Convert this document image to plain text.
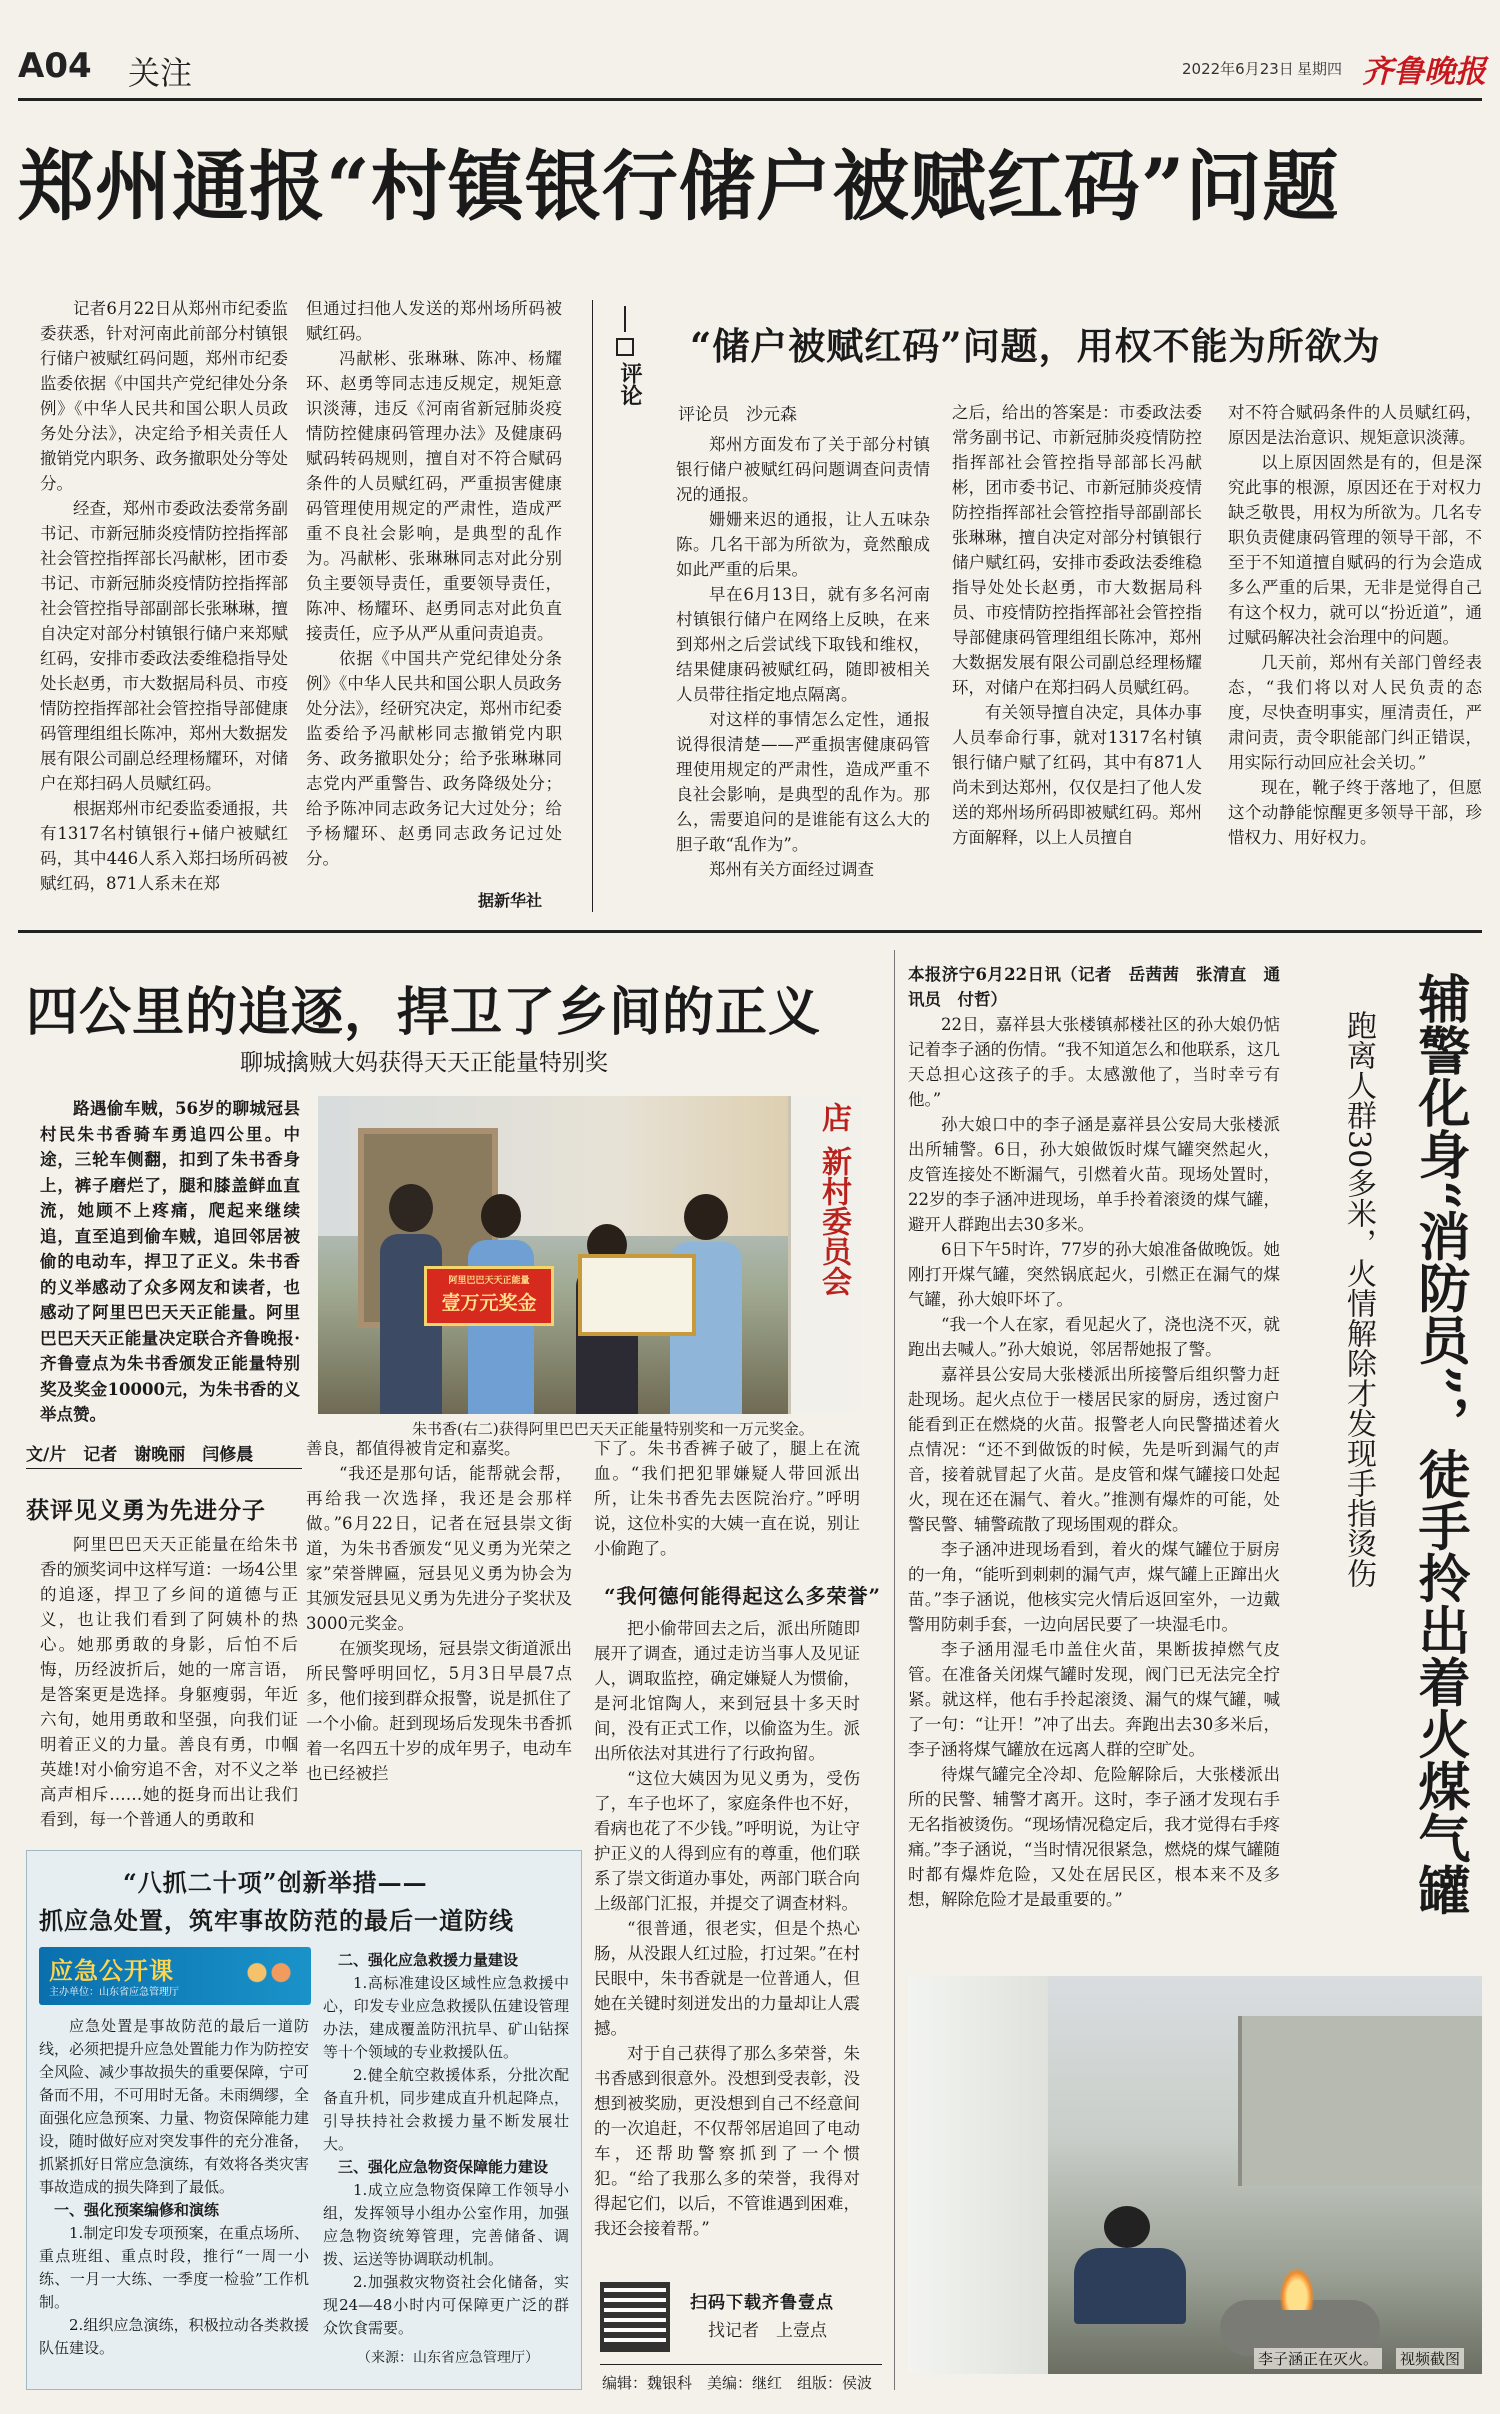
A04 关注	2022年6月23日 星期四 齐鲁晚报
郑州通报“村镇银行储户被赋红码”问题

记者6月22日从郑州市纪委监委获悉，针对河南此前部分村镇银行储户被赋红码问题，郑州市纪委监委依据《中国共产党纪律处分条例》《中华人民共和国公职人员政务处分法》，决定给予相关责任人撤销党内职务、政务撤职处分等处分。

经查，郑州市委政法委常务副书记、市新冠肺炎疫情防控指挥部社会管控指挥部长冯献彬，团市委书记、市新冠肺炎疫情防控指挥部社会管控指导部副部长张琳琳，擅自决定对部分村镇银行储户来郑赋红码，安排市委政法委维稳指导处处长赵勇，市大数据局科员、市疫情防控指挥部社会管控指导部健康码管理组组长陈冲，郑州大数据发展有限公司副总经理杨耀环，对储户在郑扫码人员赋红码。

根据郑州市纪委监委通报，共有1317名村镇银行+储户被赋红码，其中446人系入郑扫场所码被赋红码，871人系未在郑

但通过扫他人发送的郑州场所码被赋红码。

冯献彬、张琳琳、陈冲、杨耀环、赵勇等同志违反规定，规矩意识淡薄，违反《河南省新冠肺炎疫情防控健康码管理办法》及健康码赋码转码规则，擅自对不符合赋码条件的人员赋红码，严重损害健康码管理使用规定的严肃性，造成严重不良社会影响，是典型的乱作为。冯献彬、张琳琳同志对此分别负主要领导责任，重要领导责任，陈冲、杨耀环、赵勇同志对此负直接责任，应予从严从重问责追责。

依据《中国共产党纪律处分条例》《中华人民共和国公职人员政务处分法》，经研究决定，郑州市纪委监委给予冯献彬同志撤销党内职务、政务撤职处分；给予张琳琳同志党内严重警告、政务降级处分；给予陈冲同志政务记大过处分；给予杨耀环、赵勇同志政务记过处分。

据新华社
评论
“储户被赋红码”问题，用权不能为所欲为
评论员　沙元森

郑州方面发布了关于部分村镇银行储户被赋红码问题调查问责情况的通报。

姗姗来迟的通报，让人五味杂陈。几名干部为所欲为，竟然酿成如此严重的后果。

早在6月13日，就有多名河南村镇银行储户在网络上反映，在来到郑州之后尝试线下取钱和维权，结果健康码被赋红码，随即被相关人员带往指定地点隔离。

对这样的事情怎么定性，通报说得很清楚——严重损害健康码管理使用规定的严肃性，造成严重不良社会影响，是典型的乱作为。那么，需要追问的是谁能有这么大的胆子敢“乱作为”。

郑州有关方面经过调查

之后，给出的答案是：市委政法委常务副书记、市新冠肺炎疫情防控指挥部社会管控指导部部长冯献彬，团市委书记、市新冠肺炎疫情防控指挥部社会管控指导部副部长张琳琳，擅自决定对部分村镇银行储户赋红码，安排市委政法委维稳指导处处长赵勇，市大数据局科员、市疫情防控指挥部社会管控指导部健康码管理组组长陈冲，郑州大数据发展有限公司副总经理杨耀环，对储户在郑扫码人员赋红码。

有关领导擅自决定，具体办事人员奉命行事，就对1317名村镇银行储户赋了红码，其中有871人尚未到达郑州，仅仅是扫了他人发送的郑州场所码即被赋红码。郑州方面解释，以上人员擅自

对不符合赋码条件的人员赋红码，原因是法治意识、规矩意识淡薄。

以上原因固然是有的，但是深究此事的根源，原因还在于对权力缺乏敬畏，用权为所欲为。几名专职负责健康码管理的领导干部，不至于不知道擅自赋码的行为会造成多么严重的后果，无非是觉得自己有这个权力，就可以“扮近道”，通过赋码解决社会治理中的问题。

几天前，郑州有关部门曾经表态，“我们将以对人民负责的态度，尽快查明事实，厘清责任，严肃问责，责令职能部门纠正错误，用实际行动回应社会关切。”

现在，靴子终于落地了，但愿这个动静能惊醒更多领导干部，珍惜权力、用好权力。

四公里的追逐，捍卫了乡间的正义
聊城擒贼大妈获得天天正能量特别奖

路遇偷车贼，56岁的聊城冠县村民朱书香骑车勇追四公里。中途，三轮车侧翻，扣到了朱书香身上，裤子磨烂了，腿和膝盖鲜血直流，她顾不上疼痛，爬起来继续追，直至追到偷车贼，追回邻居被偷的电动车，捍卫了正义。朱书香的义举感动了众多网友和读者，也感动了阿里巴巴天天正能量。阿里巴巴天天正能量决定联合齐鲁晚报·齐鲁壹点为朱书香颁发正能量特别奖及奖金10000元，为朱书香的义举点赞。

店
新村委员会
阿里巴巴天天正能量
壹万元奖金
朱书香(右二)获得阿里巴巴天天正能量特别奖和一万元奖金。
文/片　记者　谢晚丽　闫修晨
获评见义勇为先进分子

阿里巴巴天天正能量在给朱书香的颁奖词中这样写道：一场4公里的追逐，捍卫了乡间的道德与正义，也让我们看到了阿姨朴的热心。她那勇敢的身影，后怕不后悔，历经波折后，她的一席言语，是答案更是选择。身躯瘦弱，年近六旬，她用勇敢和坚强，向我们证明着正义的力量。善良有勇，巾帼英雄!对小偷穷追不舍，对不义之举高声相斥……她的挺身而出让我们看到，每一个普通人的勇敢和

善良，都值得被肯定和嘉奖。

“我还是那句话，能帮就会帮，再给我一次选择，我还是会那样做。”6月22日，记者在冠县崇文街道，为朱书香颁发“见义勇为光荣之家”荣誉牌匾，冠县见义勇为协会为其颁发冠县见义勇为先进分子奖状及3000元奖金。

在颁奖现场，冠县崇文街道派出所民警呼明回忆，5月3日早晨7点多，他们接到群众报警，说是抓住了一个小偷。赶到现场后发现朱书香抓着一名四五十岁的成年男子，电动车也已经被拦

下了。朱书香裤子破了，腿上在流血。“我们把犯罪嫌疑人带回派出所，让朱书香先去医院治疗。”呼明说，这位朴实的大姨一直在说，别让小偷跑了。

“我何德何能得起这么多荣誉”

把小偷带回去之后，派出所随即展开了调查，通过走访当事人及见证人，调取监控，确定嫌疑人为惯偷，是河北馆陶人，来到冠县十多天时间，没有正式工作，以偷盗为生。派出所依法对其进行了行政拘留。

“这位大姨因为见义勇为，受伤了，车子也坏了，家庭条件也不好，看病也花了不少钱。”呼明说，为让守护正义的人得到应有的尊重，他们联系了崇文街道办事处，两部门联合向上级部门汇报，并提交了调查材料。

“很普通，很老实，但是个热心肠，从没跟人红过脸，打过架。”在村民眼中，朱书香就是一位普通人，但她在关键时刻迸发出的力量却让人震撼。

对于自己获得了那么多荣誉，朱书香感到很意外。没想到受表彰，没想到被奖励，更没想到自己不经意间的一次追赶，不仅帮邻居追回了电动车，还帮助警察抓到了一个惯犯。“给了我那么多的荣誉，我得对得起它们，以后，不管谁遇到困难，我还会接着帮。”

扫码下载齐鲁壹点
找记者　上壹点
编辑：魏银科　美编：继红　组版：侯波
“八抓二十项”创新举措——
抓应急处置，筑牢事故防范的最后一道防线
应急公开课
主办单位：山东省应急管理厅

应急处置是事故防范的最后一道防线，必须把提升应急处置能力作为防控安全风险、减少事故损失的重要保障，宁可备而不用，不可用时无备。未雨绸缪，全面强化应急预案、力量、物资保障能力建设，随时做好应对突发事件的充分准备，抓紧抓好日常应急演练，有效将各类灾害事故造成的损失降到了最低。

一、强化预案编修和演练

1.制定印发专项预案，在重点场所、重点班组、重点时段，推行“一周一小练、一月一大练、一季度一检验”工作机制。

2.组织应急演练，积极拉动各类救援队伍建设。

二、强化应急救援力量建设

1.高标准建设区域性应急救援中心，印发专业应急救援队伍建设管理办法，建成覆盖防汛抗旱、矿山钻探等十个领域的专业救援队伍。

2.健全航空救援体系，分批次配备直升机，同步建成直升机起降点，引导扶持社会救援力量不断发展壮大。

三、强化应急物资保障能力建设

1.成立应急物资保障工作领导小组，发挥领导小组办公室作用，加强应急物资统筹管理，完善储备、调拨、运送等协调联动机制。

2.加强救灾物资社会化储备，实现24—48小时内可保障更广泛的群众饮食需要。

（来源：山东省应急管理厅）

本报济宁6月22日讯（记者　岳茜茜　张清直　通讯员　付哲）

22日，嘉祥县大张楼镇郝楼社区的孙大娘仍惦记着李子涵的伤情。“我不知道怎么和他联系，这几天总担心这孩子的手。太感激他了，当时幸亏有他。”

孙大娘口中的李子涵是嘉祥县公安局大张楼派出所辅警。6日，孙大娘做饭时煤气罐突然起火，皮管连接处不断漏气，引燃着火苗。现场处置时，22岁的李子涵冲进现场，单手拎着滚烫的煤气罐，避开人群跑出去30多米。

6日下午5时许，77岁的孙大娘准备做晚饭。她刚打开煤气罐，突然锅底起火，引燃正在漏气的煤气罐，孙大娘吓坏了。

“我一个人在家，看见起火了，浇也浇不灭，就跑出去喊人。”孙大娘说，邻居帮她报了警。

嘉祥县公安局大张楼派出所接警后组织警力赶赴现场。起火点位于一楼居民家的厨房，透过窗户能看到正在燃烧的火苗。报警老人向民警描述着火点情况：“还不到做饭的时候，先是听到漏气的声音，接着就冒起了火苗。是皮管和煤气罐接口处起火，现在还在漏气、着火。”推测有爆炸的可能，处警民警、辅警疏散了现场围观的群众。

李子涵冲进现场看到，着火的煤气罐位于厨房的一角，“能听到刺刺的漏气声，煤气罐上正蹿出火苗。”李子涵说，他核实完火情后返回室外，一边戴警用防刺手套，一边向居民要了一块湿毛巾。

李子涵用湿毛巾盖住火苗，果断拔掉燃气皮管。在准备关闭煤气罐时发现，阀门已无法完全拧紧。就这样，他右手拎起滚烫、漏气的煤气罐，喊了一句：“让开！”冲了出去。奔跑出去30多米后，李子涵将煤气罐放在远离人群的空旷处。

待煤气罐完全冷却、危险解除后，大张楼派出所的民警、辅警才离开。这时，李子涵才发现右手无名指被烫伤。“现场情况稳定后，我才觉得右手疼痛。”李子涵说，“当时情况很紧急，燃烧的煤气罐随时都有爆炸危险，又处在居民区，根本来不及多想，解除危险才是最重要的。”	辅警化身“消防员”，徒手拎出着火煤气罐
跑离人群30多米，火情解除才发现手指烫伤
李子涵正在灭火。 视频截图
